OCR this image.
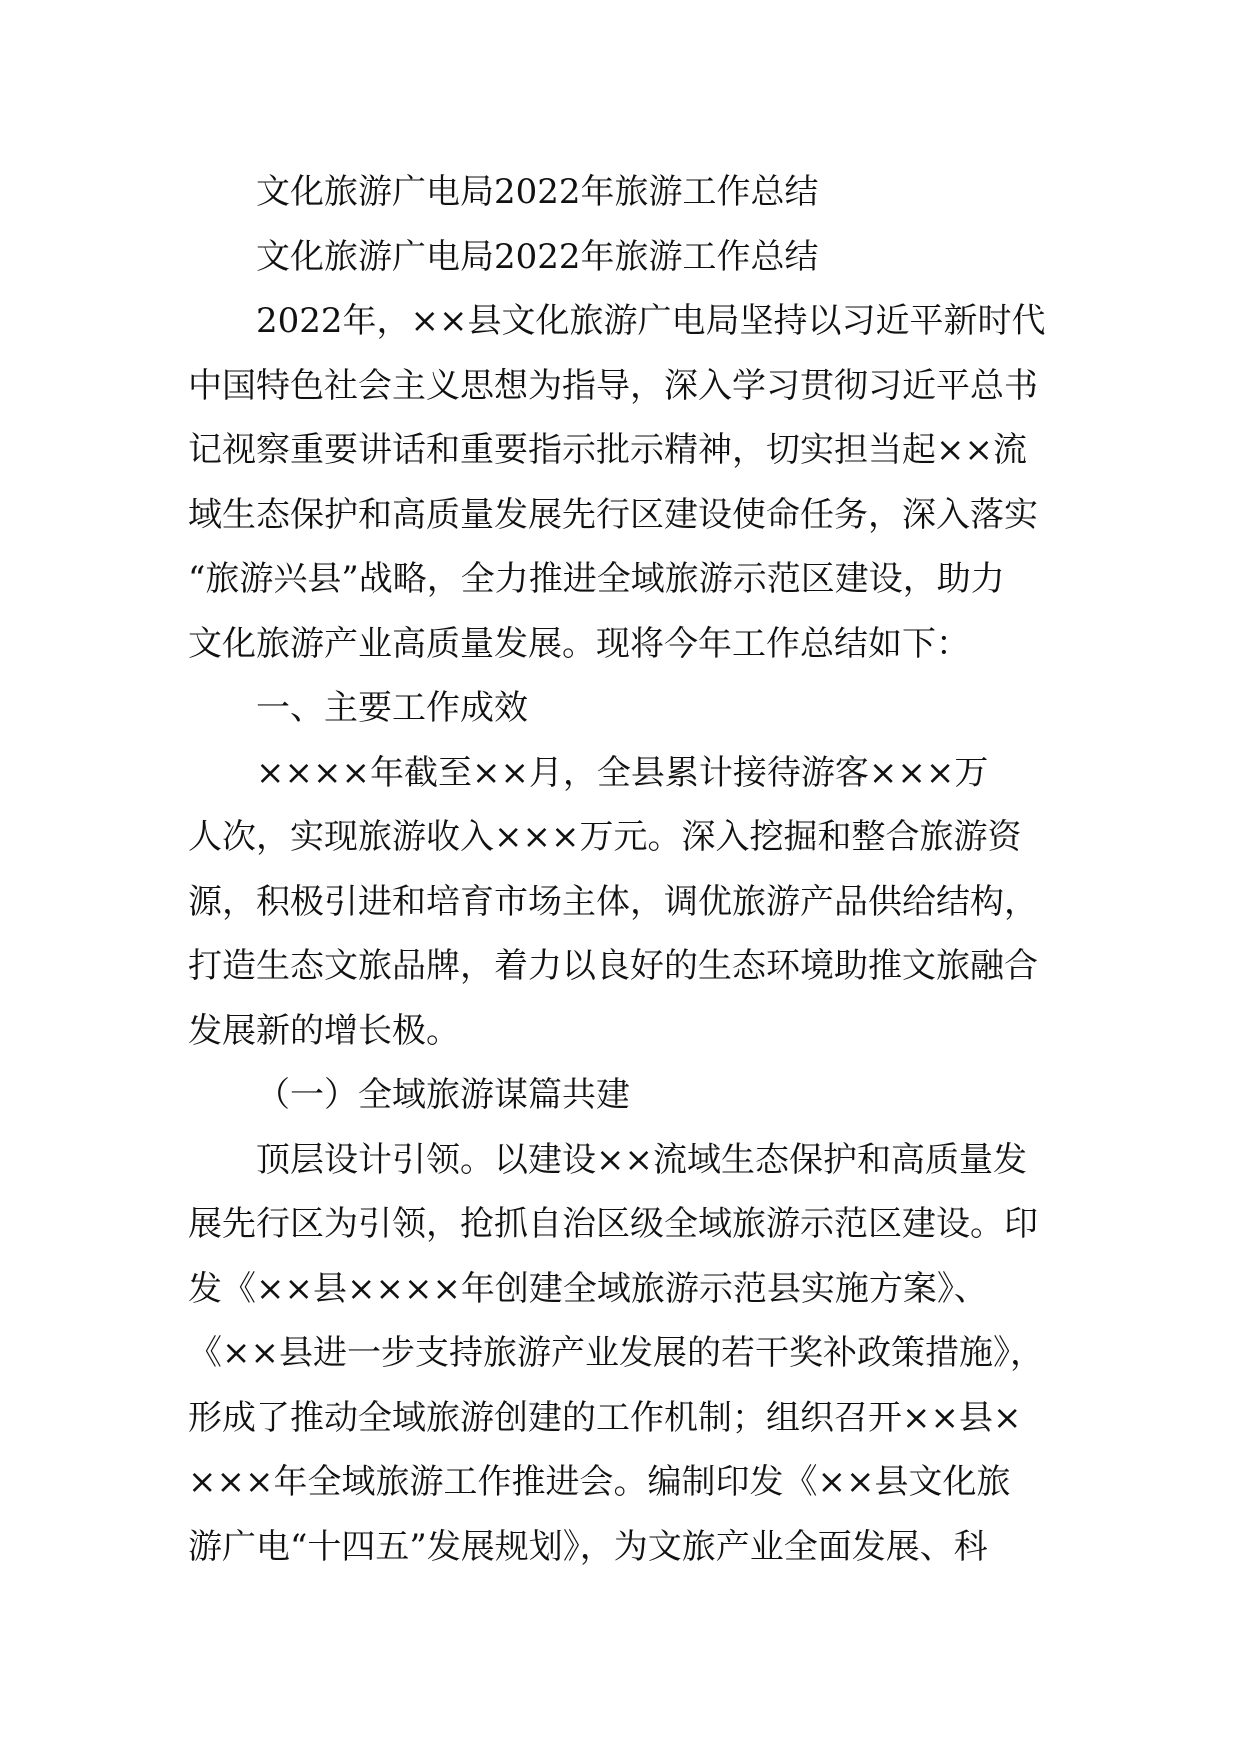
文化旅游广电局2022年旅游工作总结
文化旅游广电局2022年旅游工作总结
2022年，××县文化旅游广电局坚持以习近平新时代
中国特色社会主义思想为指导，深入学习贯彻习近平总书
记视察重要讲话和重要指示批示精神，切实担当起××流
域生态保护和高质量发展先行区建设使命任务，深入落实
“旅游兴县”战略，全力推进全域旅游示范区建设，助力
文化旅游产业高质量发展。现将今年工作总结如下：
一、主要工作成效
××××年截至××月，全县累计接待游客×××万
人次，实现旅游收入×××万元。深入挖掘和整合旅游资
源，积极引进和培育市场主体，调优旅游产品供给结构，
打造生态文旅品牌，着力以良好的生态环境助推文旅融合
发展新的增长极。
（一）全域旅游谋篇共建
顶层设计引领。以建设××流域生态保护和高质量发
展先行区为引领，抢抓自治区级全域旅游示范区建设。印
发《××县××××年创建全域旅游示范县实施方案》、
《××县进一步支持旅游产业发展的若干奖补政策措施》，
形成了推动全域旅游创建的工作机制；组织召开××县×
×××年全域旅游工作推进会。编制印发《××县文化旅
游广电“十四五”发展规划》，为文旅产业全面发展、科
